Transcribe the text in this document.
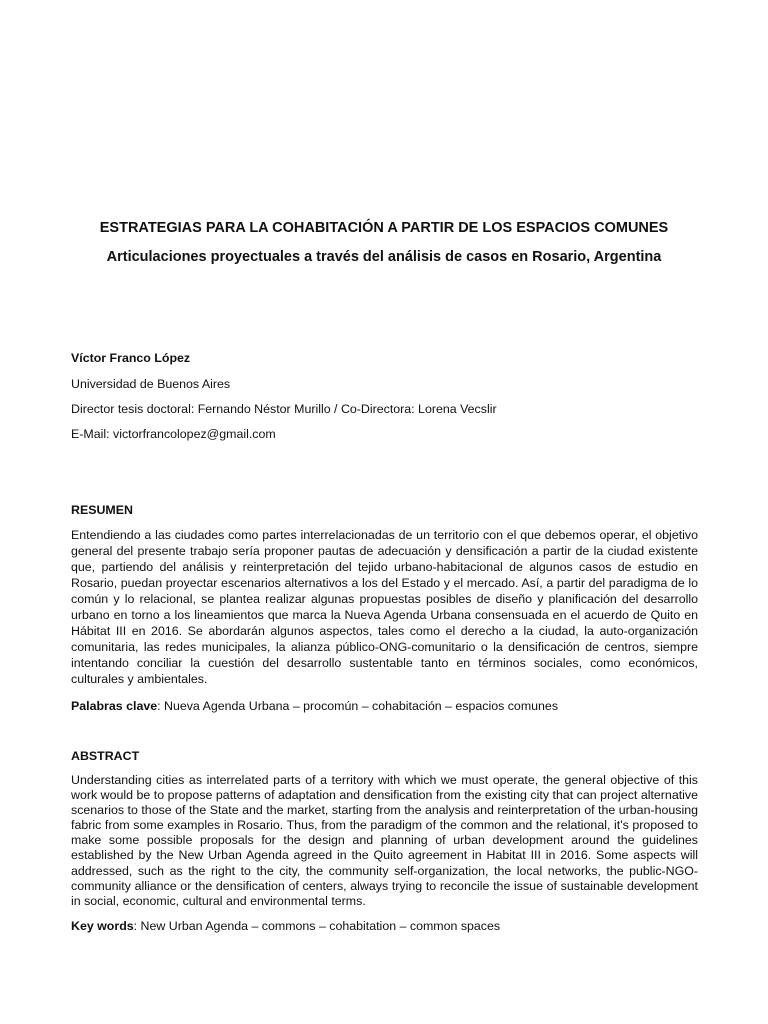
ESTRATEGIAS PARA LA COHABITACIÓN A PARTIR DE LOS ESPACIOS COMUNES
Articulaciones proyectuales a través del análisis de casos en Rosario, Argentina

Víctor Franco López

Universidad de Buenos Aires

Director tesis doctoral: Fernando Néstor Murillo / Co-Directora: Lorena Vecslir

E-Mail: victorfrancolopez@gmail.com

RESUMEN

Entendiendo a las ciudades como partes interrelacionadas de un territorio con el que debemos operar, el objetivo general del presente trabajo sería proponer pautas de adecuación y densificación a partir de la ciudad existente que, partiendo del análisis y reinterpretación del tejido urbano-habitacional de algunos casos de estudio en Rosario, puedan proyectar escenarios alternativos a los del Estado y el mercado. Así, a partir del paradigma de lo común y lo relacional, se plantea realizar algunas propuestas posibles de diseño y planificación del desarrollo urbano en torno a los lineamientos que marca la Nueva Agenda Urbana consensuada en el acuerdo de Quito en Hábitat III en 2016. Se abordarán algunos aspectos, tales como el derecho a la ciudad, la auto-organización comunitaria, las redes municipales, la alianza público-ONG-comunitario o la densificación de centros, siempre intentando conciliar la cuestión del desarrollo sustentable tanto en términos sociales, como económicos, culturales y ambientales.

Palabras clave: Nueva Agenda Urbana – procomún – cohabitación – espacios comunes

ABSTRACT

Understanding cities as interrelated parts of a territory with which we must operate, the general objective of this work would be to propose patterns of adaptation and densification from the existing city that can project alternative scenarios to those of the State and the market, starting from the analysis and reinterpretation of the urban-housing fabric from some examples in Rosario. Thus, from the paradigm of the common and the relational, it's proposed to make some possible proposals for the design and planning of urban development around the guidelines established by the New Urban Agenda agreed in the Quito agreement in Habitat III in 2016. Some aspects will addressed, such as the right to the city, the community self-organization, the local networks, the public-NGO-community alliance or the densification of centers, always trying to reconcile the issue of sustainable development in social, economic, cultural and environmental terms.

Key words: New Urban Agenda – commons – cohabitation – common spaces
